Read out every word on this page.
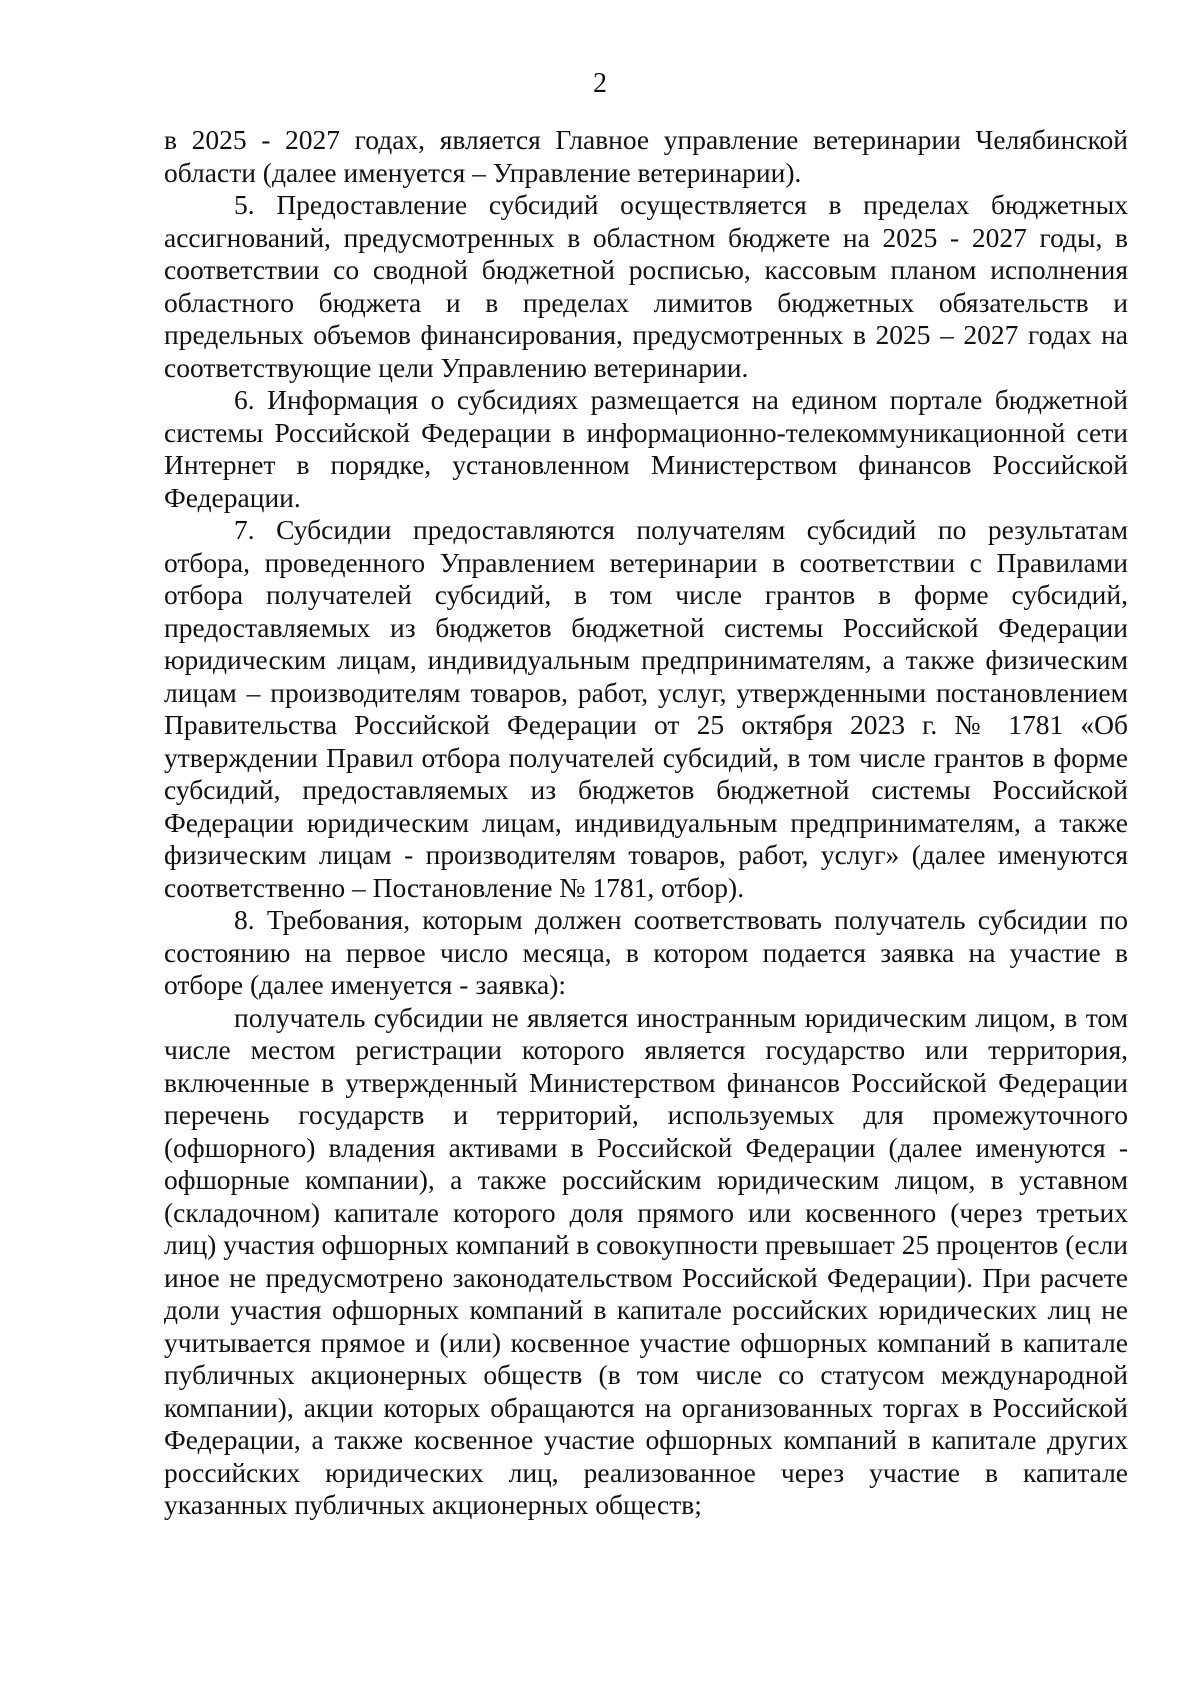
2

в 2025 - 2027 годах, является Главное управление ветеринарии Челябинской области (далее именуется – Управление ветеринарии).

5. Предоставление субсидий осуществляется в пределах бюджетных ассигнований, предусмотренных в областном бюджете на 2025 - 2027 годы, в соответствии со сводной бюджетной росписью, кассовым планом исполнения областного бюджета и в пределах лимитов бюджетных обязательств и предельных объемов финансирования, предусмотренных в 2025 – 2027 годах на соответствующие цели Управлению ветеринарии.

6. Информация о субсидиях размещается на едином портале бюджетной системы Российской Федерации в информационно-телекоммуникационной сети Интернет в порядке, установленном Министерством финансов Российской Федерации.

7. Субсидии предоставляются получателям субсидий по результатам отбора, проведенного Управлением ветеринарии в соответствии с Правилами отбора получателей субсидий, в том числе грантов в форме субсидий, предоставляемых из бюджетов бюджетной системы Российской Федерации юридическим лицам, индивидуальным предпринимателям, а также физическим лицам – производителям товаров, работ, услуг, утвержденными постановлением Правительства Российской Федерации от 25 октября 2023 г. № 1781 «Об утверждении Правил отбора получателей субсидий, в том числе грантов в форме субсидий, предоставляемых из бюджетов бюджетной системы Российской Федерации юридическим лицам, индивидуальным предпринимателям, а также физическим лицам - производителям товаров, работ, услуг» (далее именуются соответственно – Постановление № 1781, отбор).

8. Требования, которым должен соответствовать получатель субсидии по состоянию на первое число месяца, в котором подается заявка на участие в отборе (далее именуется - заявка):

получатель субсидии не является иностранным юридическим лицом, в том числе местом регистрации которого является государство или территория, включенные в утвержденный Министерством финансов Российской Федерации перечень государств и территорий, используемых для промежуточного (офшорного) владения активами в Российской Федерации (далее именуются - офшорные компании), а также российским юридическим лицом, в уставном (складочном) капитале которого доля прямого или косвенного (через третьих лиц) участия офшорных компаний в совокупности превышает 25 процентов (если иное не предусмотрено законодательством Российской Федерации). При расчете доли участия офшорных компаний в капитале российских юридических лиц не учитывается прямое и (или) косвенное участие офшорных компаний в капитале публичных акционерных обществ (в том числе со статусом международной компании), акции которых обращаются на организованных торгах в Российской Федерации, а также косвенное участие офшорных компаний в капитале других российских юридических лиц, реализованное через участие в капитале указанных публичных акционерных обществ;
